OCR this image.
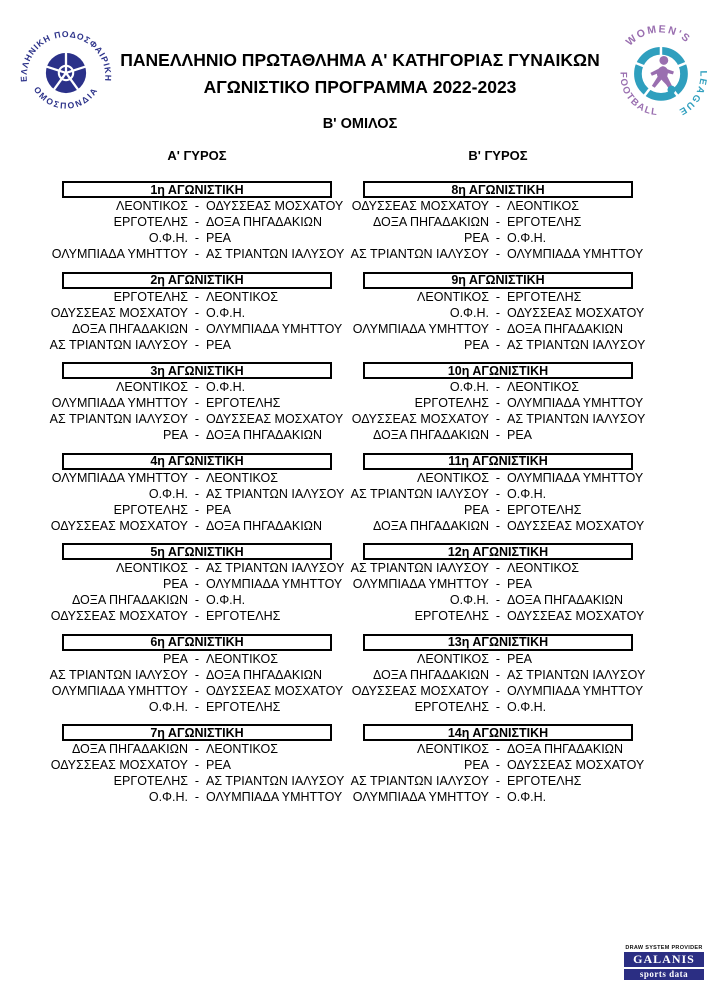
ΕΛΛΗΝΙΚΗ ΠΟΔΟΣΦΑΙΡΙΚΗ
ΟΜΟΣΠΟΝΔΙΑ
WOMEN'S
FOOTBALL
LEAGUE
ΠΑΝΕΛΛΗΝΙΟ ΠΡΩΤΑΘΛΗΜΑ Α' ΚΑΤΗΓΟΡΙΑΣ ΓΥΝΑΙΚΩΝ
ΑΓΩΝΙΣΤΙΚΟ ΠΡΟΓΡΑΜΜΑ 2022-2023
Β' ΟΜΙΛΟΣ
Α' ΓΥΡΟΣ	Β' ΓΥΡΟΣ
1η ΑΓΩΝΙΣΤΙΚΗ
ΛΕΟΝΤΙΚΟΣ - ΟΔΥΣΣΕΑΣ ΜΟΣΧΑΤΟΥ
ΕΡΓΟΤΕΛΗΣ - ΔΟΞΑ ΠΗΓΑΔΑΚΙΩΝ
Ο.Φ.Η. - ΡΕΑ
ΟΛΥΜΠΙΑΔΑ ΥΜΗΤΤΟΥ - ΑΣ ΤΡΙΑΝΤΩΝ ΙΑΛΥΣΟΥ
2η ΑΓΩΝΙΣΤΙΚΗ
ΕΡΓΟΤΕΛΗΣ - ΛΕΟΝΤΙΚΟΣ
ΟΔΥΣΣΕΑΣ ΜΟΣΧΑΤΟΥ - Ο.Φ.Η.
ΔΟΞΑ ΠΗΓΑΔΑΚΙΩΝ - ΟΛΥΜΠΙΑΔΑ ΥΜΗΤΤΟΥ
ΑΣ ΤΡΙΑΝΤΩΝ ΙΑΛΥΣΟΥ - ΡΕΑ
3η ΑΓΩΝΙΣΤΙΚΗ
ΛΕΟΝΤΙΚΟΣ - Ο.Φ.Η.
ΟΛΥΜΠΙΑΔΑ ΥΜΗΤΤΟΥ - ΕΡΓΟΤΕΛΗΣ
ΑΣ ΤΡΙΑΝΤΩΝ ΙΑΛΥΣΟΥ - ΟΔΥΣΣΕΑΣ ΜΟΣΧΑΤΟΥ
ΡΕΑ - ΔΟΞΑ ΠΗΓΑΔΑΚΙΩΝ
4η ΑΓΩΝΙΣΤΙΚΗ
ΟΛΥΜΠΙΑΔΑ ΥΜΗΤΤΟΥ - ΛΕΟΝΤΙΚΟΣ
Ο.Φ.Η. - ΑΣ ΤΡΙΑΝΤΩΝ ΙΑΛΥΣΟΥ
ΕΡΓΟΤΕΛΗΣ - ΡΕΑ
ΟΔΥΣΣΕΑΣ ΜΟΣΧΑΤΟΥ - ΔΟΞΑ ΠΗΓΑΔΑΚΙΩΝ
5η ΑΓΩΝΙΣΤΙΚΗ
ΛΕΟΝΤΙΚΟΣ - ΑΣ ΤΡΙΑΝΤΩΝ ΙΑΛΥΣΟΥ
ΡΕΑ - ΟΛΥΜΠΙΑΔΑ ΥΜΗΤΤΟΥ
ΔΟΞΑ ΠΗΓΑΔΑΚΙΩΝ - Ο.Φ.Η.
ΟΔΥΣΣΕΑΣ ΜΟΣΧΑΤΟΥ - ΕΡΓΟΤΕΛΗΣ
6η ΑΓΩΝΙΣΤΙΚΗ
ΡΕΑ - ΛΕΟΝΤΙΚΟΣ
ΑΣ ΤΡΙΑΝΤΩΝ ΙΑΛΥΣΟΥ - ΔΟΞΑ ΠΗΓΑΔΑΚΙΩΝ
ΟΛΥΜΠΙΑΔΑ ΥΜΗΤΤΟΥ - ΟΔΥΣΣΕΑΣ ΜΟΣΧΑΤΟΥ
Ο.Φ.Η. - ΕΡΓΟΤΕΛΗΣ
7η ΑΓΩΝΙΣΤΙΚΗ
ΔΟΞΑ ΠΗΓΑΔΑΚΙΩΝ - ΛΕΟΝΤΙΚΟΣ
ΟΔΥΣΣΕΑΣ ΜΟΣΧΑΤΟΥ - ΡΕΑ
ΕΡΓΟΤΕΛΗΣ - ΑΣ ΤΡΙΑΝΤΩΝ ΙΑΛΥΣΟΥ
Ο.Φ.Η. - ΟΛΥΜΠΙΑΔΑ ΥΜΗΤΤΟΥ
8η ΑΓΩΝΙΣΤΙΚΗ
ΟΔΥΣΣΕΑΣ ΜΟΣΧΑΤΟΥ - ΛΕΟΝΤΙΚΟΣ
ΔΟΞΑ ΠΗΓΑΔΑΚΙΩΝ - ΕΡΓΟΤΕΛΗΣ
ΡΕΑ - Ο.Φ.Η.
ΑΣ ΤΡΙΑΝΤΩΝ ΙΑΛΥΣΟΥ - ΟΛΥΜΠΙΑΔΑ ΥΜΗΤΤΟΥ
9η ΑΓΩΝΙΣΤΙΚΗ
ΛΕΟΝΤΙΚΟΣ - ΕΡΓΟΤΕΛΗΣ
Ο.Φ.Η. - ΟΔΥΣΣΕΑΣ ΜΟΣΧΑΤΟΥ
ΟΛΥΜΠΙΑΔΑ ΥΜΗΤΤΟΥ - ΔΟΞΑ ΠΗΓΑΔΑΚΙΩΝ
ΡΕΑ - ΑΣ ΤΡΙΑΝΤΩΝ ΙΑΛΥΣΟΥ
10η ΑΓΩΝΙΣΤΙΚΗ
Ο.Φ.Η. - ΛΕΟΝΤΙΚΟΣ
ΕΡΓΟΤΕΛΗΣ - ΟΛΥΜΠΙΑΔΑ ΥΜΗΤΤΟΥ
ΟΔΥΣΣΕΑΣ ΜΟΣΧΑΤΟΥ - ΑΣ ΤΡΙΑΝΤΩΝ ΙΑΛΥΣΟΥ
ΔΟΞΑ ΠΗΓΑΔΑΚΙΩΝ - ΡΕΑ
11η ΑΓΩΝΙΣΤΙΚΗ
ΛΕΟΝΤΙΚΟΣ - ΟΛΥΜΠΙΑΔΑ ΥΜΗΤΤΟΥ
ΑΣ ΤΡΙΑΝΤΩΝ ΙΑΛΥΣΟΥ - Ο.Φ.Η.
ΡΕΑ - ΕΡΓΟΤΕΛΗΣ
ΔΟΞΑ ΠΗΓΑΔΑΚΙΩΝ - ΟΔΥΣΣΕΑΣ ΜΟΣΧΑΤΟΥ
12η ΑΓΩΝΙΣΤΙΚΗ
ΑΣ ΤΡΙΑΝΤΩΝ ΙΑΛΥΣΟΥ - ΛΕΟΝΤΙΚΟΣ
ΟΛΥΜΠΙΑΔΑ ΥΜΗΤΤΟΥ - ΡΕΑ
Ο.Φ.Η. - ΔΟΞΑ ΠΗΓΑΔΑΚΙΩΝ
ΕΡΓΟΤΕΛΗΣ - ΟΔΥΣΣΕΑΣ ΜΟΣΧΑΤΟΥ
13η ΑΓΩΝΙΣΤΙΚΗ
ΛΕΟΝΤΙΚΟΣ - ΡΕΑ
ΔΟΞΑ ΠΗΓΑΔΑΚΙΩΝ - ΑΣ ΤΡΙΑΝΤΩΝ ΙΑΛΥΣΟΥ
ΟΔΥΣΣΕΑΣ ΜΟΣΧΑΤΟΥ - ΟΛΥΜΠΙΑΔΑ ΥΜΗΤΤΟΥ
ΕΡΓΟΤΕΛΗΣ - Ο.Φ.Η.
14η ΑΓΩΝΙΣΤΙΚΗ
ΛΕΟΝΤΙΚΟΣ - ΔΟΞΑ ΠΗΓΑΔΑΚΙΩΝ
ΡΕΑ - ΟΔΥΣΣΕΑΣ ΜΟΣΧΑΤΟΥ
ΑΣ ΤΡΙΑΝΤΩΝ ΙΑΛΥΣΟΥ - ΕΡΓΟΤΕΛΗΣ
ΟΛΥΜΠΙΑΔΑ ΥΜΗΤΤΟΥ - Ο.Φ.Η.
DRAW SYSTEM PROVIDER
GALANIS
sports data
